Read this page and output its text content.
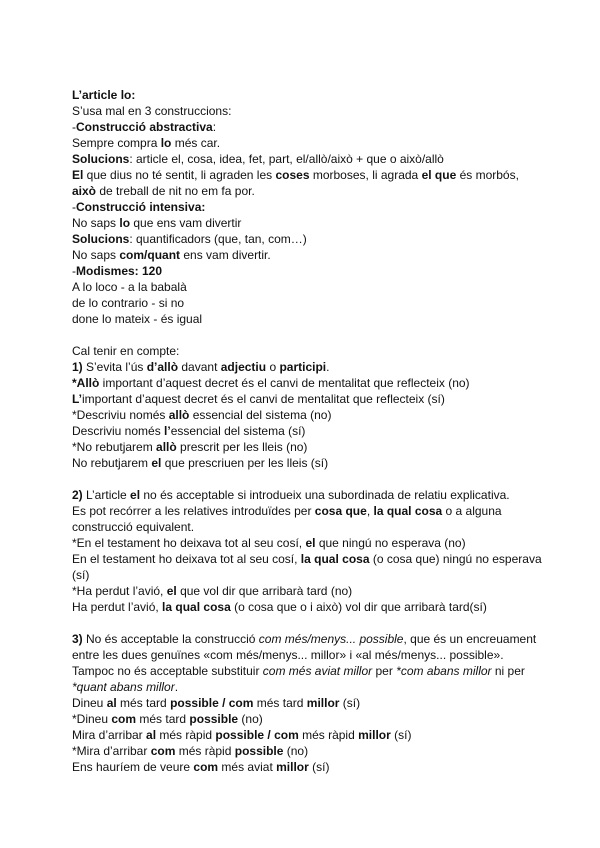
L’article lo:
S’usa mal en 3 construccions:
-Construcció abstractiva:
Sempre compra lo més car.
Solucions: article el, cosa, idea, fet, part, el/allò/això + que o això/allò
El que dius no té sentit, li agraden les coses morboses, li agrada el que és morbós,
això de treball de nit no em fa por.
-Construcció intensiva:
No saps lo que ens vam divertir
Solucions: quantificadors (que, tan, com…)
No saps com/quant ens vam divertir.
-Modismes: 120
A lo loco - a la babalà
de lo contrario - si no
done lo mateix - és igual
Cal tenir en compte:
1) S’evita l’ús d’allò davant adjectiu o participi.
*Allò important d’aquest decret és el canvi de mentalitat que reflecteix (no)
L’important d’aquest decret és el canvi de mentalitat que reflecteix (sí)
*Descriviu només allò essencial del sistema (no)
Descriviu només l’essencial del sistema (sí)
*No rebutjarem allò prescrit per les lleis (no)
No rebutjarem el que prescriuen per les lleis (sí)
2) L’article el no és acceptable si introdueix una subordinada de relatiu explicativa.
Es pot recórrer a les relatives introduïdes per cosa que, la qual cosa o a alguna construcció equivalent.
*En el testament ho deixava tot al seu cosí, el que ningú no esperava (no)
En el testament ho deixava tot al seu cosí, la qual cosa (o cosa que) ningú no esperava (sí)
*Ha perdut l’avió, el que vol dir que arribarà tard (no)
Ha perdut l’avió, la qual cosa (o cosa que o i això) vol dir que arribarà tard(sí)
3) No és acceptable la construcció com més/menys... possible, que és un encreuament entre les dues genuïnes «com més/menys... millor» i «al més/menys... possible». Tampoc no és acceptable substituir com més aviat millor per *com abans millor ni per *quant abans millor.
Dineu al més tard possible / com més tard millor (sí)
*Dineu com més tard possible (no)
Mira d’arribar al més ràpid possible / com més ràpid millor (sí)
*Mira d’arribar com més ràpid possible (no)
Ens hauríem de veure com més aviat millor (sí)
